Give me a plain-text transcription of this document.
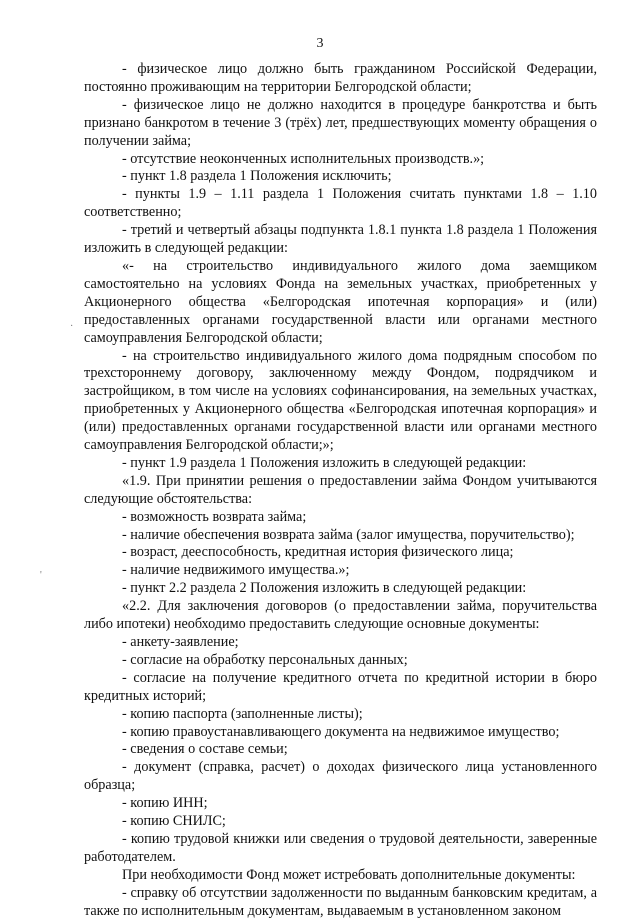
3

- физическое лицо должно быть гражданином Российской Федерации, постоянно проживающим на территории Белгородской области;

- физическое лицо не должно находится в процедуре банкротства и быть признано банкротом в течение 3 (трёх) лет, предшествующих моменту обращения о получении займа;

- отсутствие неоконченных исполнительных производств.»;

- пункт 1.8 раздела 1 Положения исключить;

- пункты 1.9 – 1.11 раздела 1 Положения считать пунктами 1.8 – 1.10 соответственно;

- третий и четвертый абзацы подпункта 1.8.1 пункта 1.8 раздела 1 Положения изложить в следующей редакции:

«- на строительство индивидуального жилого дома заемщиком самостоятельно на условиях Фонда на земельных участках, приобретенных у Акционерного общества «Белгородская ипотечная корпорация» и (или) предоставленных органами государственной власти или органами местного самоуправления Белгородской области;

- на строительство индивидуального жилого дома подрядным способом по трехстороннему договору, заключенному между Фондом, подрядчиком и застройщиком, в том числе на условиях софинансирования, на земельных участках, приобретенных у Акционерного общества «Белгородская ипотечная корпорация» и (или) предоставленных органами государственной власти или органами местного самоуправления Белгородской области;»;

- пункт 1.9 раздела 1 Положения изложить в следующей редакции:

«1.9. При принятии решения о предоставлении займа Фондом учитываются следующие обстоятельства:

- возможность возврата займа;

- наличие обеспечения возврата займа (залог имущества, поручительство);

- возраст, дееспособность, кредитная история физического лица;

- наличие недвижимого имущества.»;

- пункт 2.2 раздела 2 Положения изложить в следующей редакции:

«2.2. Для заключения договоров (о предоставлении займа, поручительства либо ипотеки) необходимо предоставить следующие основные документы:

- анкету-заявление;

- согласие на обработку персональных данных;

- согласие на получение кредитного отчета по кредитной истории в бюро кредитных историй;

- копию паспорта (заполненные листы);

- копию правоустанавливающего документа на недвижимое имущество;

- сведения о составе семьи;

- документ (справка, расчет) о доходах физического лица установленного образца;

- копию ИНН;

- копию СНИЛС;

- копию трудовой книжки или сведения о трудовой деятельности, заверенные работодателем.

При необходимости Фонд может истребовать дополнительные документы:

- справку об отсутствии задолженности по выданным банковским кредитам, а также по исполнительным документам, выдаваемым в установленном законом

·
'
